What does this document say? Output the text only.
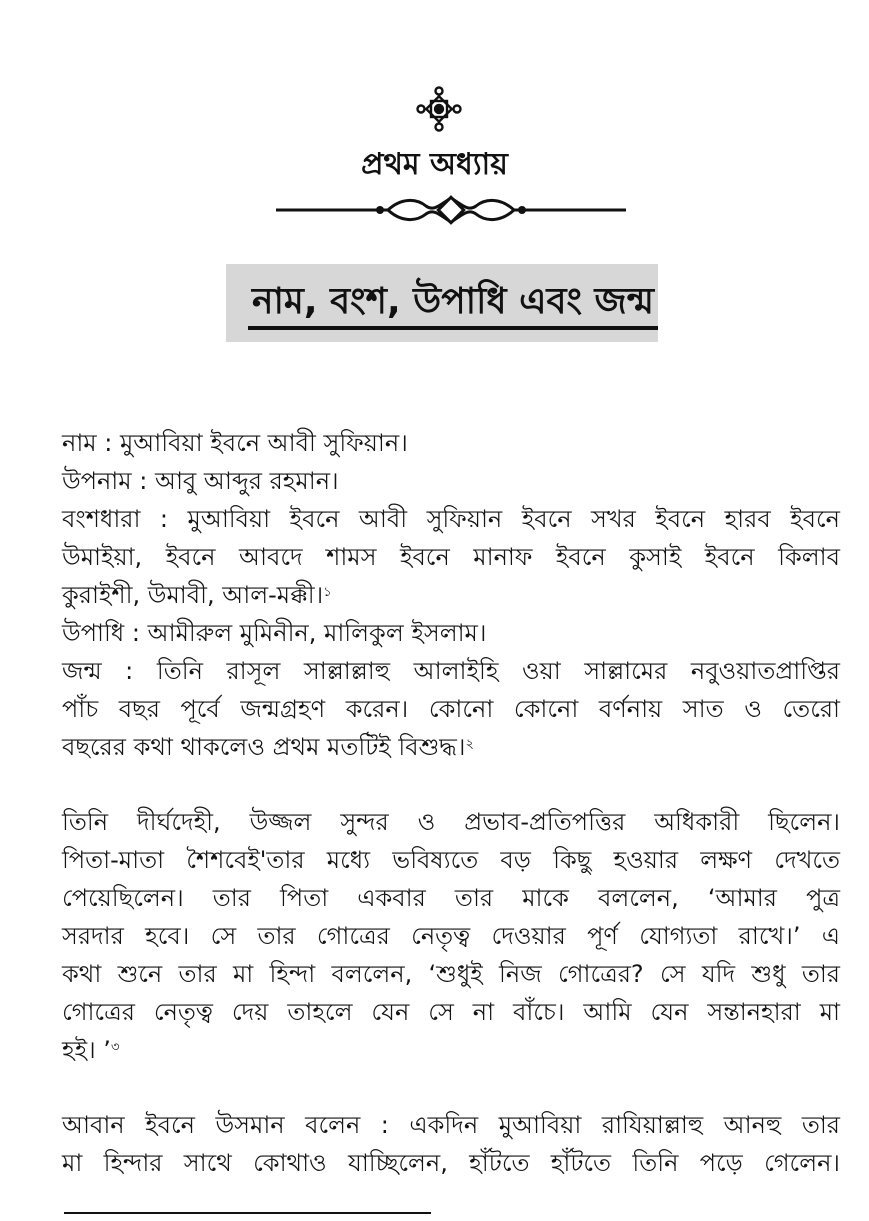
প্রথম অধ্যায়
নাম, বংশ, উপাধি এবং জন্ম
নাম : মুআবিয়া ইবনে আবী সুফিয়ান।
উপনাম : আবু আব্দুর রহমান।
বংশধারা : মুআবিয়া ইবনে আবী সুফিয়ান ইবনে সখর ইবনে হারব ইবনে
উমাইয়া, ইবনে আবদে শামস ইবনে মানাফ ইবনে কুসাই ইবনে কিলাব
কুরাইশী, উমাবী, আল-মক্কী।$^১$
উপাধি : আমীরুল মুমিনীন, মালিকুল ইসলাম।
জন্ম : তিনি রাসূল সাল্লাল্লাহু আলাইহি ওয়া সাল্লামের নবুওয়াতপ্রাপ্তির
পাঁচ বছর পূর্বে জন্মগ্রহণ করেন। কোনো কোনো বর্ণনায় সাত ও তেরো
বছরের কথা থাকলেও প্রথম মতটিই বিশুদ্ধ।$^২$
তিনি দীর্ঘদেহী, উজ্জল সুন্দর ও প্রভাব-প্রতিপত্তির অধিকারী ছিলেন।
পিতা-মাতা শৈশবেই'তার মধ্যে ভবিষ্যতে বড় কিছু হওয়ার লক্ষণ দেখতে
পেয়েছিলেন। তার পিতা একবার তার মাকে বললেন, ‘আমার পুত্র
সরদার হবে। সে তার গোত্রের নেতৃত্ব দেওয়ার পূর্ণ যোগ্যতা রাখে।’ এ
কথা শুনে তার মা হিন্দা বললেন, ‘শুধুই নিজ গোত্রের? সে যদি শুধু তার
গোত্রের নেতৃত্ব দেয় তাহলে যেন সে না বাঁচে। আমি যেন সন্তানহারা মা
হই। ’$^৩$
আবান ইবনে উসমান বলেন : একদিন মুআবিয়া রাযিয়াল্লাহু আনহু তার
মা হিন্দার সাথে কোথাও যাচ্ছিলেন, হাঁটতে হাঁটতে তিনি পড়ে গেলেন।
